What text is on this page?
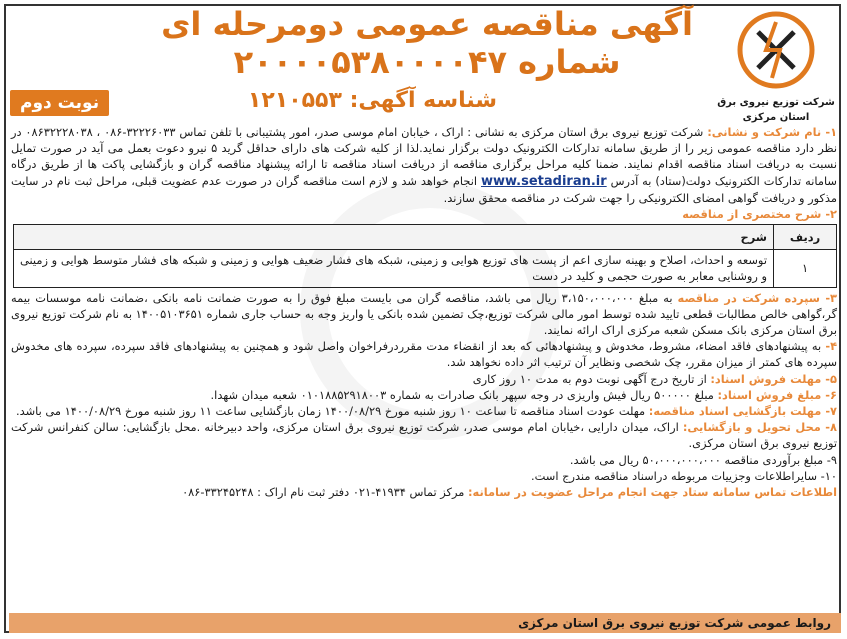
شرکت توزیع نیروی برق
استان مرکزی
آگهی مناقصه عمومی دومرحله ای
شماره ۲۰۰۰۰۵۳۸۰۰۰۰۴۷
شناسه آگهی: ۱۲۱۰۵۵۳
نوبت دوم

۱- نام شرکت و نشانی: شرکت توزیع نیروی برق استان مرکزی به نشانی : اراک ، خیابان امام موسی صدر، امور پشتیبانی با تلفن تماس ۳۲۲۲۶۰۳۳-۰۸۶ ، ۰۸۶۳۲۲۲۸۰۳۸ در نظر دارد مناقصه عمومی زیر را از طریق سامانه تدارکات الکترونیک دولت برگزار نماید.لذا از کلیه شرکت های دارای حداقل گرید ۵ نیرو دعوت بعمل می آید در صورت تمایل نسبت به دریافت اسناد مناقصه اقدام نمایند. ضمنا کلیه مراحل برگزاری مناقصه از دریافت اسناد مناقصه تا ارائه پیشنهاد مناقصه گران و بازگشایی پاکت ها از طریق درگاه سامانه تدارکات الکترونیک دولت(ستاد) به آدرس www.setadiran.ir انجام خواهد شد و لازم است مناقصه گران در صورت عدم عضویت قبلی، مراحل ثبت نام در سایت مذکور و دریافت گواهی امضای الکترونیکی را جهت شرکت در مناقصه محقق سازند.

۲- شرح مختصری از مناقصه

ردیف	شرح
۱	توسعه و احداث، اصلاح و بهینه سازی اعم از پست های توزیع هوایی و زمینی، شبکه های فشار ضعیف هوایی و زمینی و شبکه های فشار متوسط هوایی و زمینی و روشنایی معابر به صورت حجمی و کلید در دست

۳- سپرده شرکت در مناقصه به مبلغ ۳،۱۵۰،۰۰۰،۰۰۰ ریال می باشد، مناقصه گران می بایست مبلغ فوق را به صورت ضمانت نامه بانکی ،ضمانت نامه موسسات بیمه گر،گواهی خالص مطالبات قطعی تایید شده توسط امور مالی شرکت توزیع،چک تضمین شده بانکی یا واریز وجه به حساب جاری شماره ۱۴۰۰۵۱۰۳۶۵۱ به نام شرکت توزیع نیروی برق استان مرکزی بانک مسکن شعبه مرکزی اراک ارائه نمایند.

۴- به پیشنهادهای فاقد امضاء، مشروط، مخدوش و پیشنهادهائی که بعد از انقضاء مدت مقرردرفراخوان واصل شود و همچنین به پیشنهادهای فاقد سپرده، سپرده های مخدوش سپرده های کمتر از میزان مقرر، چک شخصی ونظایر آن ترتیب اثر داده نخواهد شد.

۵- مهلت فروش اسناد: از تاریخ درج آگهی نوبت دوم به مدت ۱۰ روز کاری

۶- مبلغ فروش اسناد: مبلغ ۵۰۰۰۰۰ ریال فیش واریزی در وجه سپهر بانک صادرات به شماره ۰۱۰۱۸۸۵۲۹۱۸۰۰۳ شعبه میدان شهدا.

۷- مهلت بازگشایی اسناد مناقصه: مهلت عودت اسناد مناقصه تا ساعت ۱۰ روز شنبه مورخ ۱۴۰۰/۰۸/۲۹ زمان بازگشایی ساعت ۱۱ روز شنبه مورخ ۱۴۰۰/۰۸/۲۹ می باشد.

۸- محل تحویل و بازگشایی: اراک، میدان دارایی ،خیابان امام موسی صدر، شرکت توزیع نیروی برق استان مرکزی، واحد دبیرخانه .محل بازگشایی: سالن کنفرانس شرکت توزیع نیروی برق استان مرکزی.

۹- مبلغ برآوردی مناقصه ۵۰،۰۰۰،۰۰۰،۰۰۰ ریال می باشد.

۱۰- سایراطلاعات وجزییات مربوطه دراسناد مناقصه مندرج است.

اطلاعات تماس سامانه ستاد جهت انجام مراحل عضویت در سامانه: مرکز تماس ۴۱۹۳۴-۰۲۱ دفتر ثبت نام اراک : ۳۳۲۴۵۲۴۸-۰۸۶

روابط عمومی شرکت توزیع نیروی برق استان مرکزی
